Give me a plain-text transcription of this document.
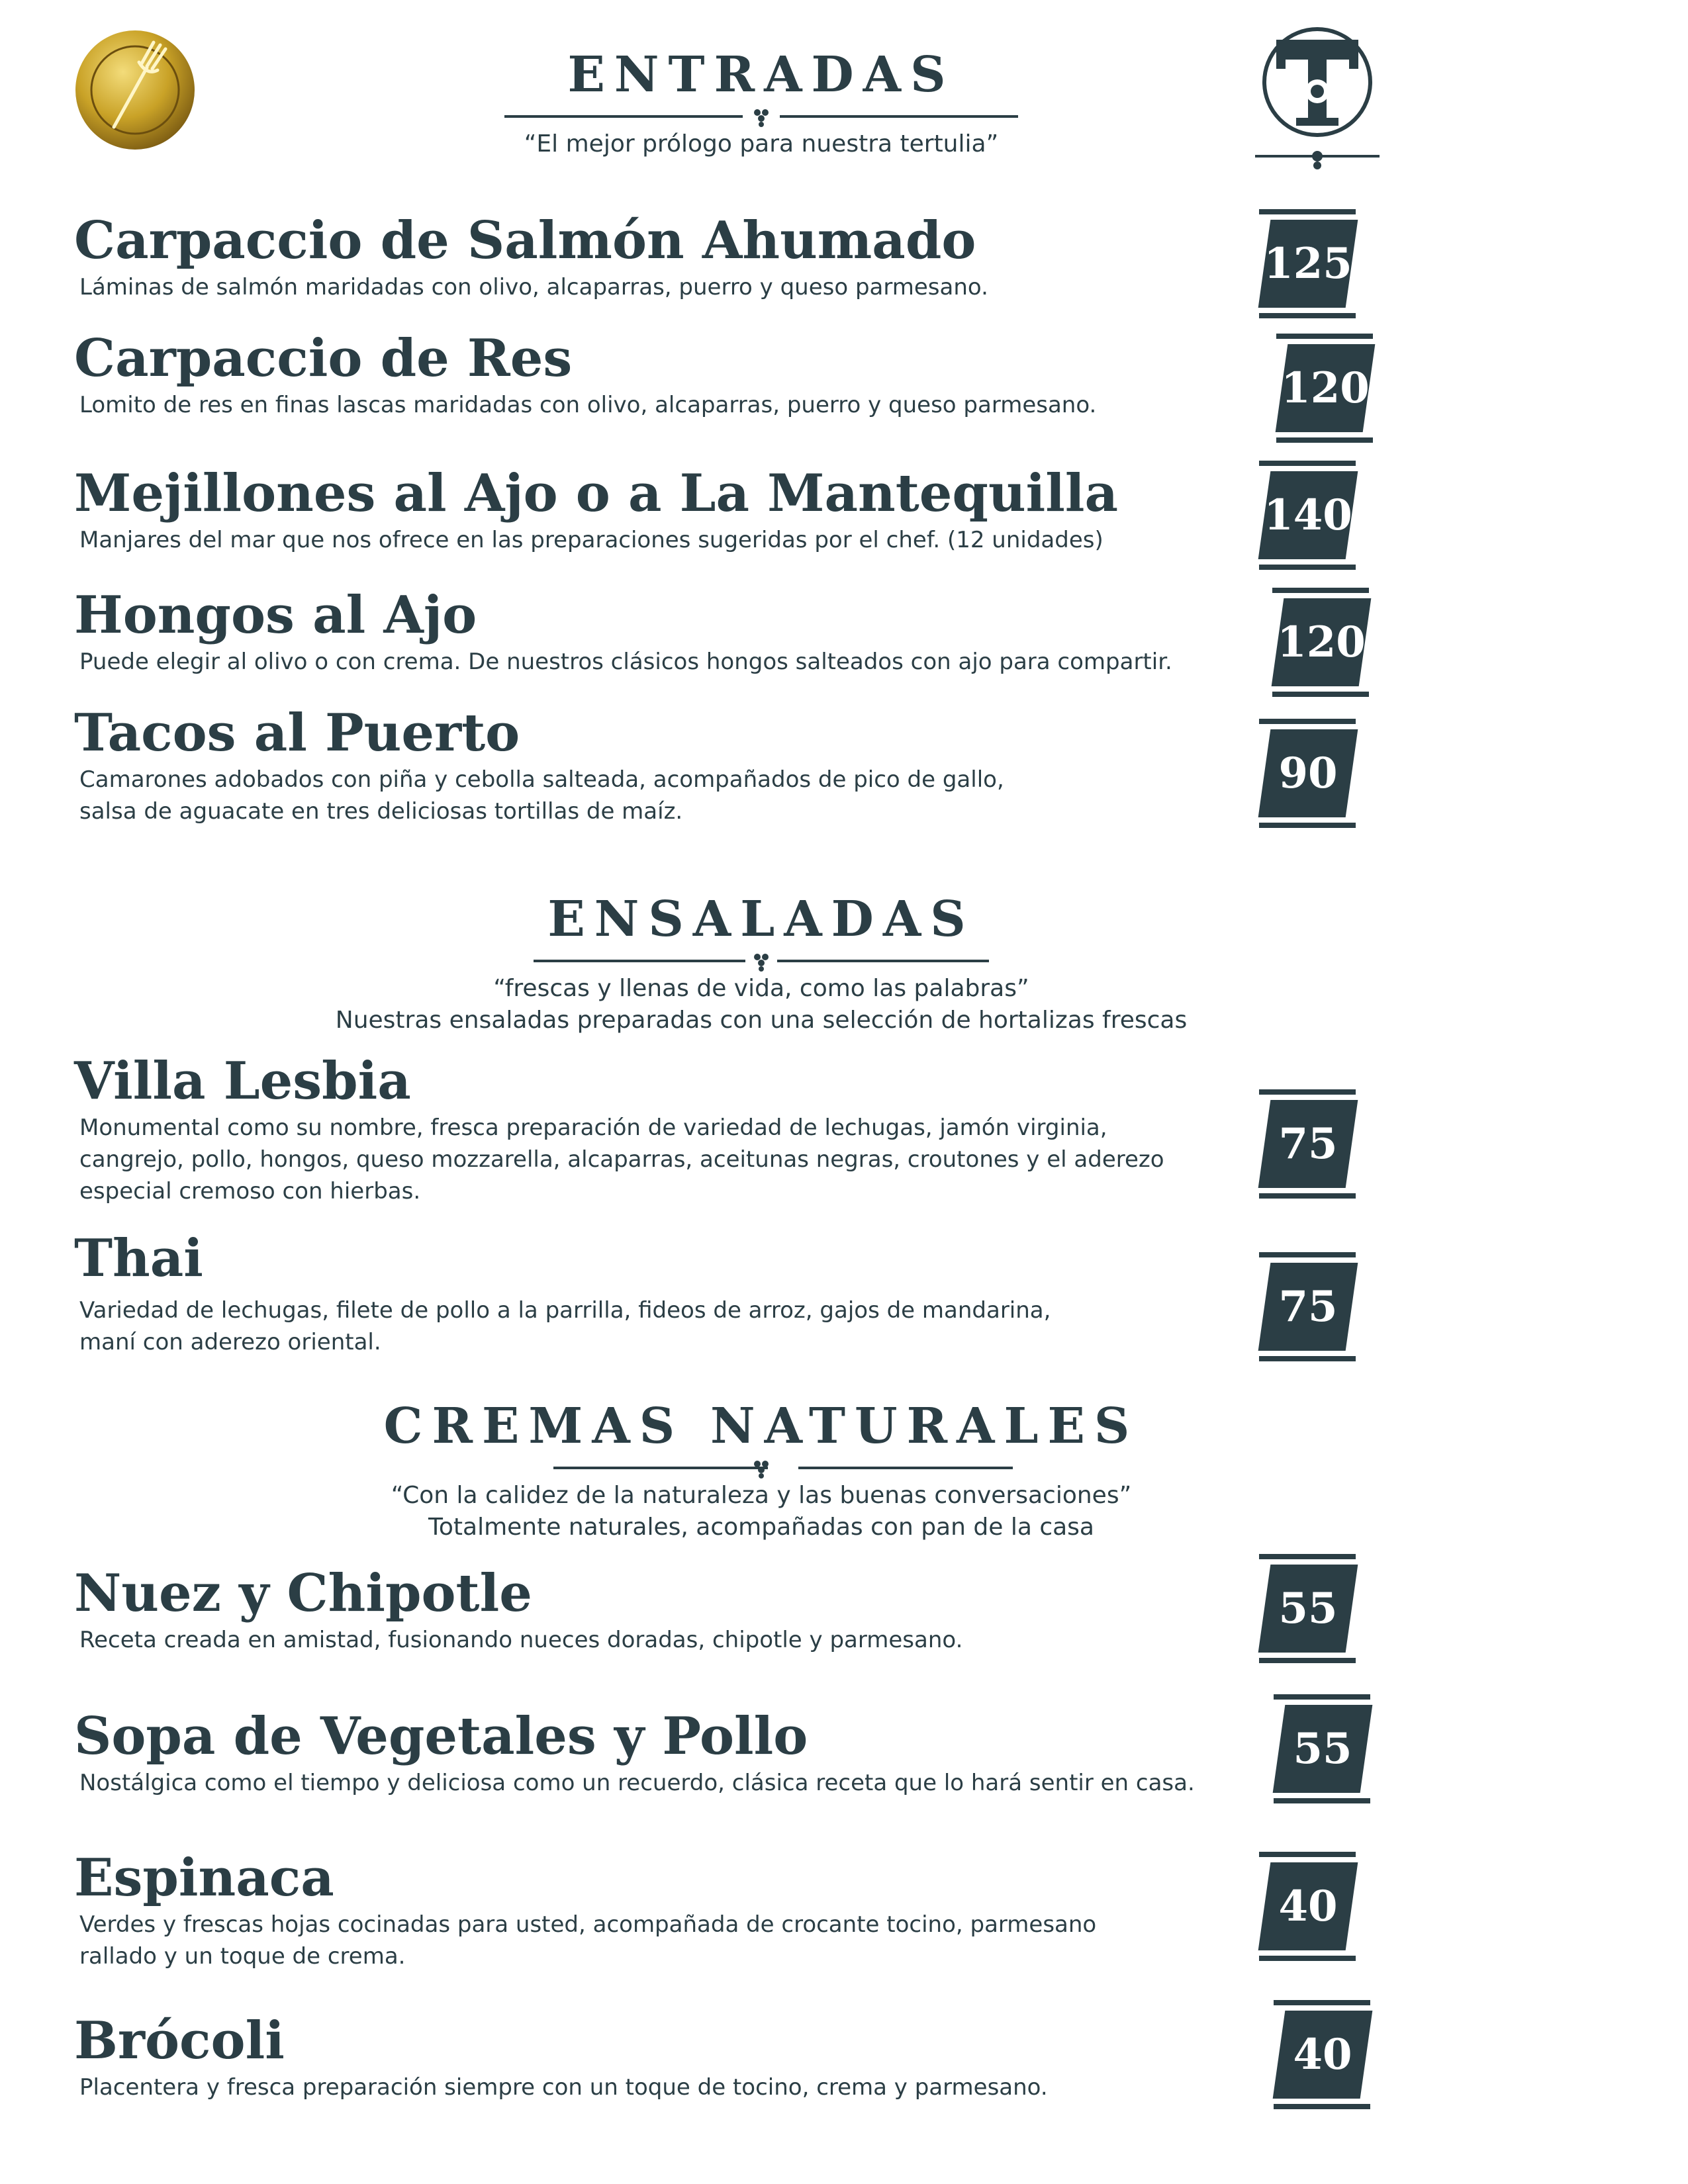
ENTRADAS
“El mejor prólogo para nuestra tertulia”
Carpaccio de Salmón Ahumado
Láminas de salmón maridadas con olivo, alcaparras, puerro y queso parmesano.	125
Carpaccio de Res
Lomito de res en finas lascas maridadas con olivo, alcaparras, puerro y queso parmesano.	120
Mejillones al Ajo o a La Mantequilla
Manjares del mar que nos ofrece en las preparaciones sugeridas por el chef. (12 unidades)	140
Hongos al Ajo
Puede elegir al olivo o con crema. De nuestros clásicos hongos salteados con ajo para compartir.	120
Tacos al Puerto
Camarones adobados con piña y cebolla salteada, acompañados de pico de gallo,
salsa de aguacate en tres deliciosas tortillas de maíz.
90
ENSALADAS
“frescas y llenas de vida, como las palabras”
Nuestras ensaladas preparadas con una selección de hortalizas frescas
Villa Lesbia
Monumental como su nombre, fresca preparación de variedad de lechugas, jamón virginia,
cangrejo, pollo, hongos, queso mozzarella, alcaparras, aceitunas negras, croutones y el aderezo
especial cremoso con hierbas.
75
Thai
Variedad de lechugas, filete de pollo a la parrilla, fideos de arroz, gajos de mandarina,
maní con aderezo oriental.
75
CREMAS NATURALES
“Con la calidez de la naturaleza y las buenas conversaciones”
Totalmente naturales, acompañadas con pan de la casa
Nuez y Chipotle
Receta creada en amistad, fusionando nueces doradas, chipotle y parmesano.
55
Sopa de Vegetales y Pollo
Nostálgica como el tiempo y deliciosa como un recuerdo, clásica receta que lo hará sentir en casa.
55
Espinaca
Verdes y frescas hojas cocinadas para usted, acompañada de crocante tocino, parmesano
rallado y un toque de crema.
40
Brócoli
Placentera y fresca preparación siempre con un toque de tocino, crema y parmesano.
40
